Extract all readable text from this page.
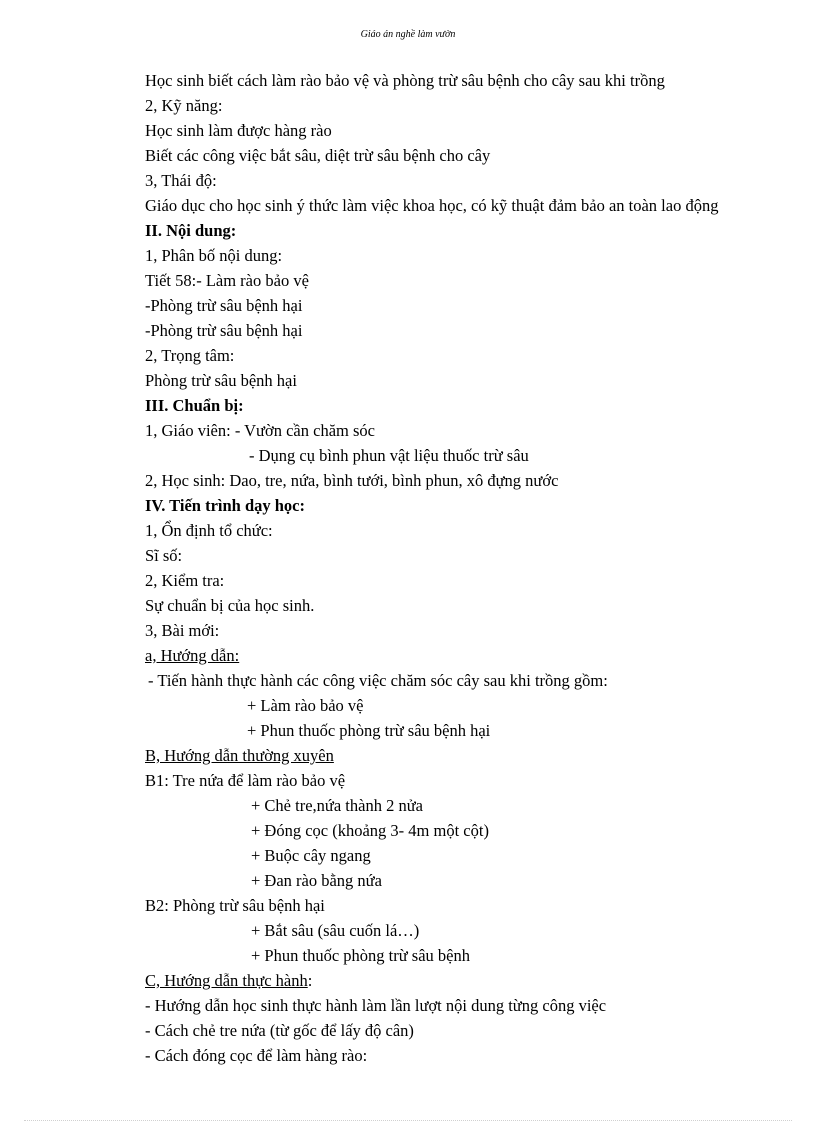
Giáo án nghề làm vườn
Học sinh biết cách làm rào bảo vệ và phòng trừ sâu bệnh cho cây sau khi trồng
2, Kỹ năng:
Học sinh làm được hàng rào
Biết các công việc bắt sâu, diệt trừ sâu bệnh cho cây
3, Thái độ:
Giáo dục cho học sinh ý thức làm việc khoa học, có kỹ thuật đảm bảo an toàn lao động
II. Nội dung:
1, Phân bố nội dung:
Tiết 58:- Làm rào bảo vệ
-Phòng trừ sâu bệnh hại
-Phòng trừ sâu bệnh hại
2, Trọng tâm:
Phòng trừ sâu bệnh hại
III. Chuẩn bị:
1, Giáo viên: - Vườn cần chăm sóc
- Dụng cụ bình phun vật liệu thuốc trừ sâu
2, Học sinh: Dao, tre, nứa, bình tưới, bình phun, xô đựng nước
IV. Tiến trình dạy học:
1, Ổn định tổ chức:
Sĩ số:
2, Kiểm tra:
Sự chuẩn bị của học sinh.
3, Bài mới:
a, Hướng dẫn:
- Tiến hành thực hành các công việc chăm sóc cây sau khi trồng gồm:
+ Làm rào bảo vệ
+ Phun thuốc phòng trừ sâu bệnh hại
B, Hướng dẫn thường xuyên
B1: Tre nứa để làm rào bảo vệ
+ Chẻ tre,nứa thành 2 nửa
+ Đóng cọc (khoảng 3- 4m một cột)
+ Buộc cây ngang
+ Đan rào bằng nứa
B2: Phòng trừ sâu bệnh hại
+ Bắt sâu (sâu cuốn lá…)
+ Phun thuốc phòng trừ sâu bệnh
C, Hướng dẫn thực hành:
- Hướng dẫn học sinh thực hành làm lần lượt nội dung từng công việc
- Cách chẻ tre nứa (từ gốc để lấy độ cân)
- Cách đóng cọc để làm hàng rào:
